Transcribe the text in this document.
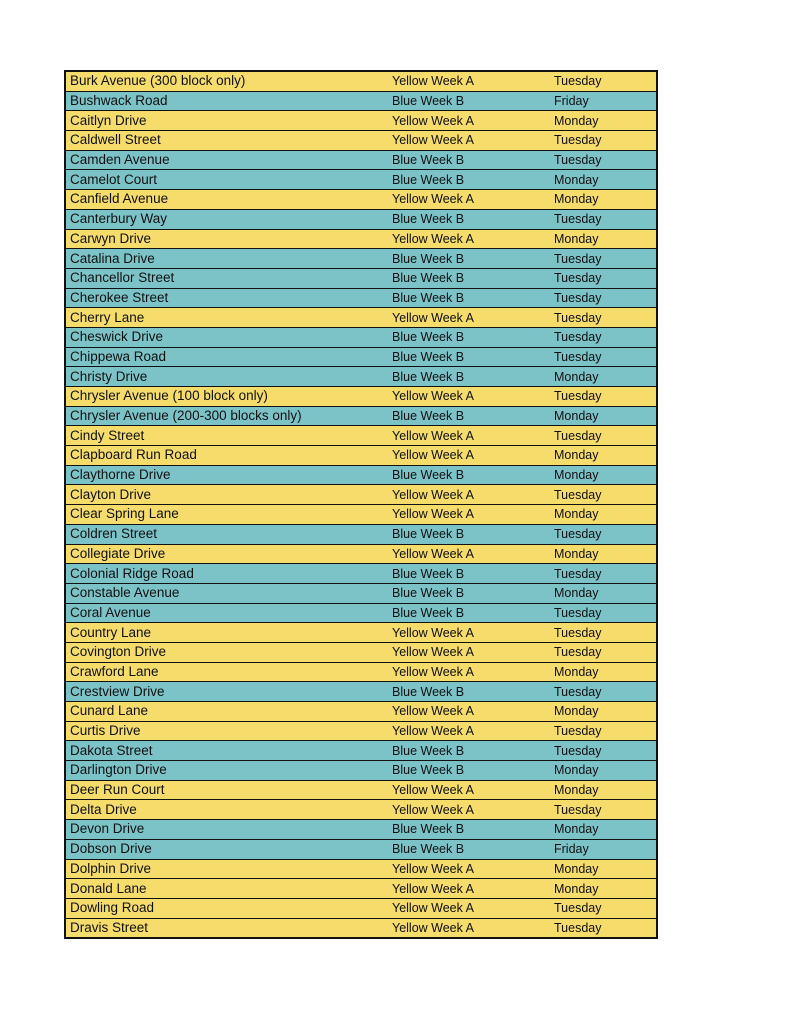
Burk Avenue (300 block only)	Yellow Week A	Tuesday
Bushwack Road	Blue Week B	Friday
Caitlyn Drive	Yellow Week A	Monday
Caldwell Street	Yellow Week A	Tuesday
Camden Avenue	Blue Week B	Tuesday
Camelot Court	Blue Week B	Monday
Canfield Avenue	Yellow Week A	Monday
Canterbury Way	Blue Week B	Tuesday
Carwyn Drive	Yellow Week A	Monday
Catalina Drive	Blue Week B	Tuesday
Chancellor Street	Blue Week B	Tuesday
Cherokee Street	Blue Week B	Tuesday
Cherry Lane	Yellow Week A	Tuesday
Cheswick Drive	Blue Week B	Tuesday
Chippewa Road	Blue Week B	Tuesday
Christy Drive	Blue Week B	Monday
Chrysler Avenue (100 block only)	Yellow Week A	Tuesday
Chrysler Avenue (200-300 blocks only)	Blue Week B	Monday
Cindy Street	Yellow Week A	Tuesday
Clapboard Run Road	Yellow Week A	Monday
Claythorne Drive	Blue Week B	Monday
Clayton Drive	Yellow Week A	Tuesday
Clear Spring Lane	Yellow Week A	Monday
Coldren Street	Blue Week B	Tuesday
Collegiate Drive	Yellow Week A	Monday
Colonial Ridge Road	Blue Week B	Tuesday
Constable Avenue	Blue Week B	Monday
Coral Avenue	Blue Week B	Tuesday
Country Lane	Yellow Week A	Tuesday
Covington Drive	Yellow Week A	Tuesday
Crawford Lane	Yellow Week A	Monday
Crestview Drive	Blue Week B	Tuesday
Cunard Lane	Yellow Week A	Monday
Curtis Drive	Yellow Week A	Tuesday
Dakota Street	Blue Week B	Tuesday
Darlington Drive	Blue Week B	Monday
Deer Run Court	Yellow Week A	Monday
Delta Drive	Yellow Week A	Tuesday
Devon Drive	Blue Week B	Monday
Dobson Drive	Blue Week B	Friday
Dolphin Drive	Yellow Week A	Monday
Donald Lane	Yellow Week A	Monday
Dowling Road	Yellow Week A	Tuesday
Dravis Street	Yellow Week A	Tuesday
